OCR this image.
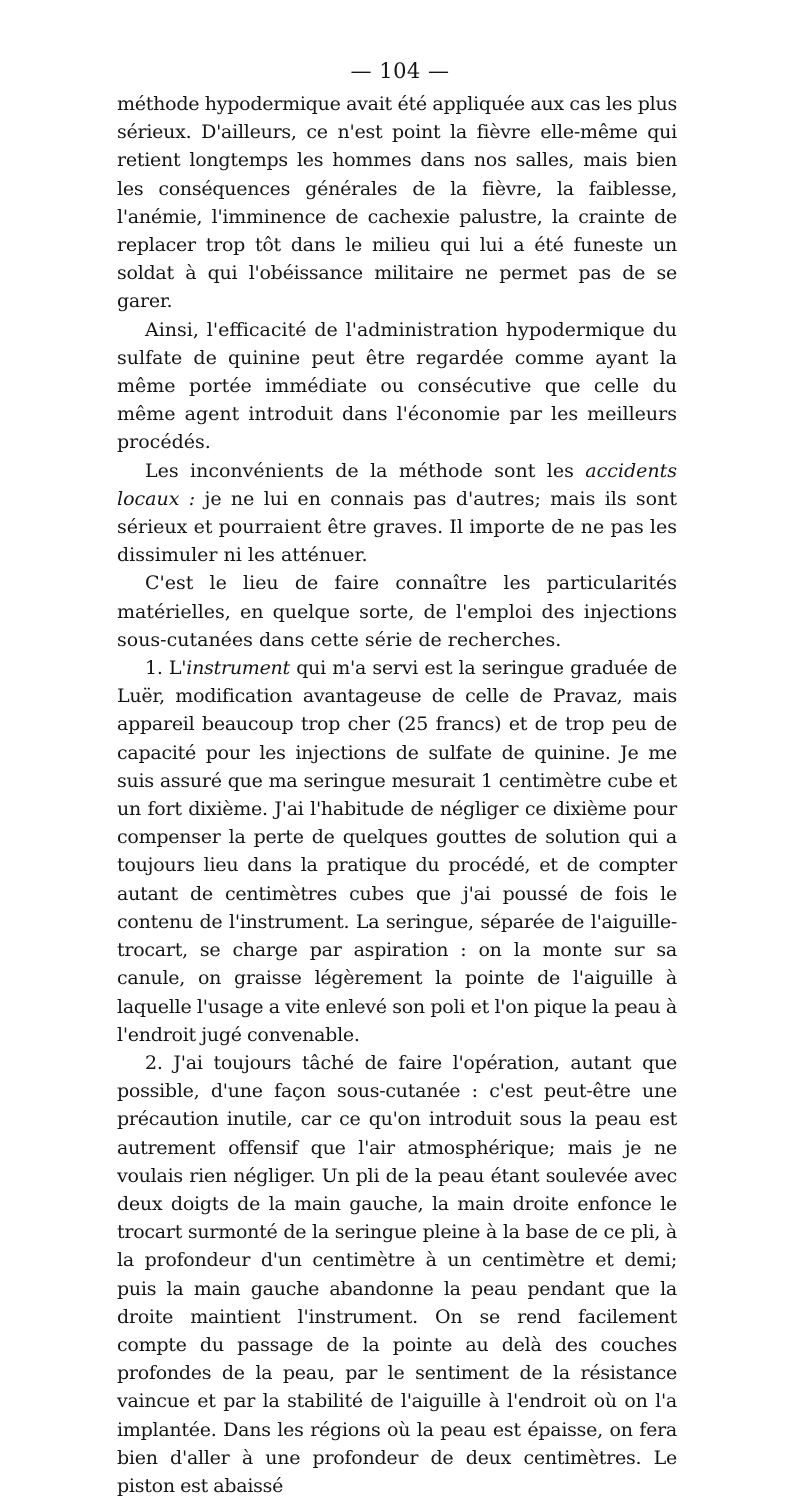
— 104 —

méthode hypodermique avait été appliquée aux cas les plus sérieux. D'ailleurs, ce n'est point la fièvre elle-même qui retient longtemps les hommes dans nos salles, mais bien les conséquences générales de la fièvre, la faiblesse, l'anémie, l'imminence de cachexie palustre, la crainte de replacer trop tôt dans le milieu qui lui a été funeste un soldat à qui l'obéissance militaire ne permet pas de se garer.

Ainsi, l'efficacité de l'administration hypodermique du sulfate de quinine peut être regardée comme ayant la même portée immédiate ou consécutive que celle du même agent introduit dans l'économie par les meilleurs procédés.

Les inconvénients de la méthode sont les accidents locaux : je ne lui en connais pas d'autres; mais ils sont sérieux et pourraient être graves. Il importe de ne pas les dissimuler ni les atténuer.

C'est le lieu de faire connaître les particularités matérielles, en quelque sorte, de l'emploi des injections sous-cutanées dans cette série de recherches.

1. L'instrument qui m'a servi est la seringue graduée de Luër, modification avantageuse de celle de Pravaz, mais appareil beaucoup trop cher (25 francs) et de trop peu de capacité pour les injections de sulfate de quinine. Je me suis assuré que ma seringue mesurait 1 centimètre cube et un fort dixième. J'ai l'habitude de négliger ce dixième pour compenser la perte de quelques gouttes de solution qui a toujours lieu dans la pratique du procédé, et de compter autant de centimètres cubes que j'ai poussé de fois le contenu de l'instrument. La seringue, séparée de l'aiguille-trocart, se charge par aspiration : on la monte sur sa canule, on graisse légèrement la pointe de l'aiguille à laquelle l'usage a vite enlevé son poli et l'on pique la peau à l'endroit jugé convenable.

2. J'ai toujours tâché de faire l'opération, autant que possible, d'une façon sous-cutanée : c'est peut-être une précaution inutile, car ce qu'on introduit sous la peau est autrement offensif que l'air atmosphérique; mais je ne voulais rien négliger. Un pli de la peau étant soulevée avec deux doigts de la main gauche, la main droite enfonce le trocart surmonté de la seringue pleine à la base de ce pli, à la profondeur d'un centimètre à un centimètre et demi; puis la main gauche abandonne la peau pendant que la droite maintient l'instrument. On se rend facilement compte du passage de la pointe au delà des couches profondes de la peau, par le sentiment de la résistance vaincue et par la stabilité de l'aiguille à l'endroit où on l'a implantée. Dans les régions où la peau est épaisse, on fera bien d'aller à une profondeur de deux centimètres. Le piston est abaissé
